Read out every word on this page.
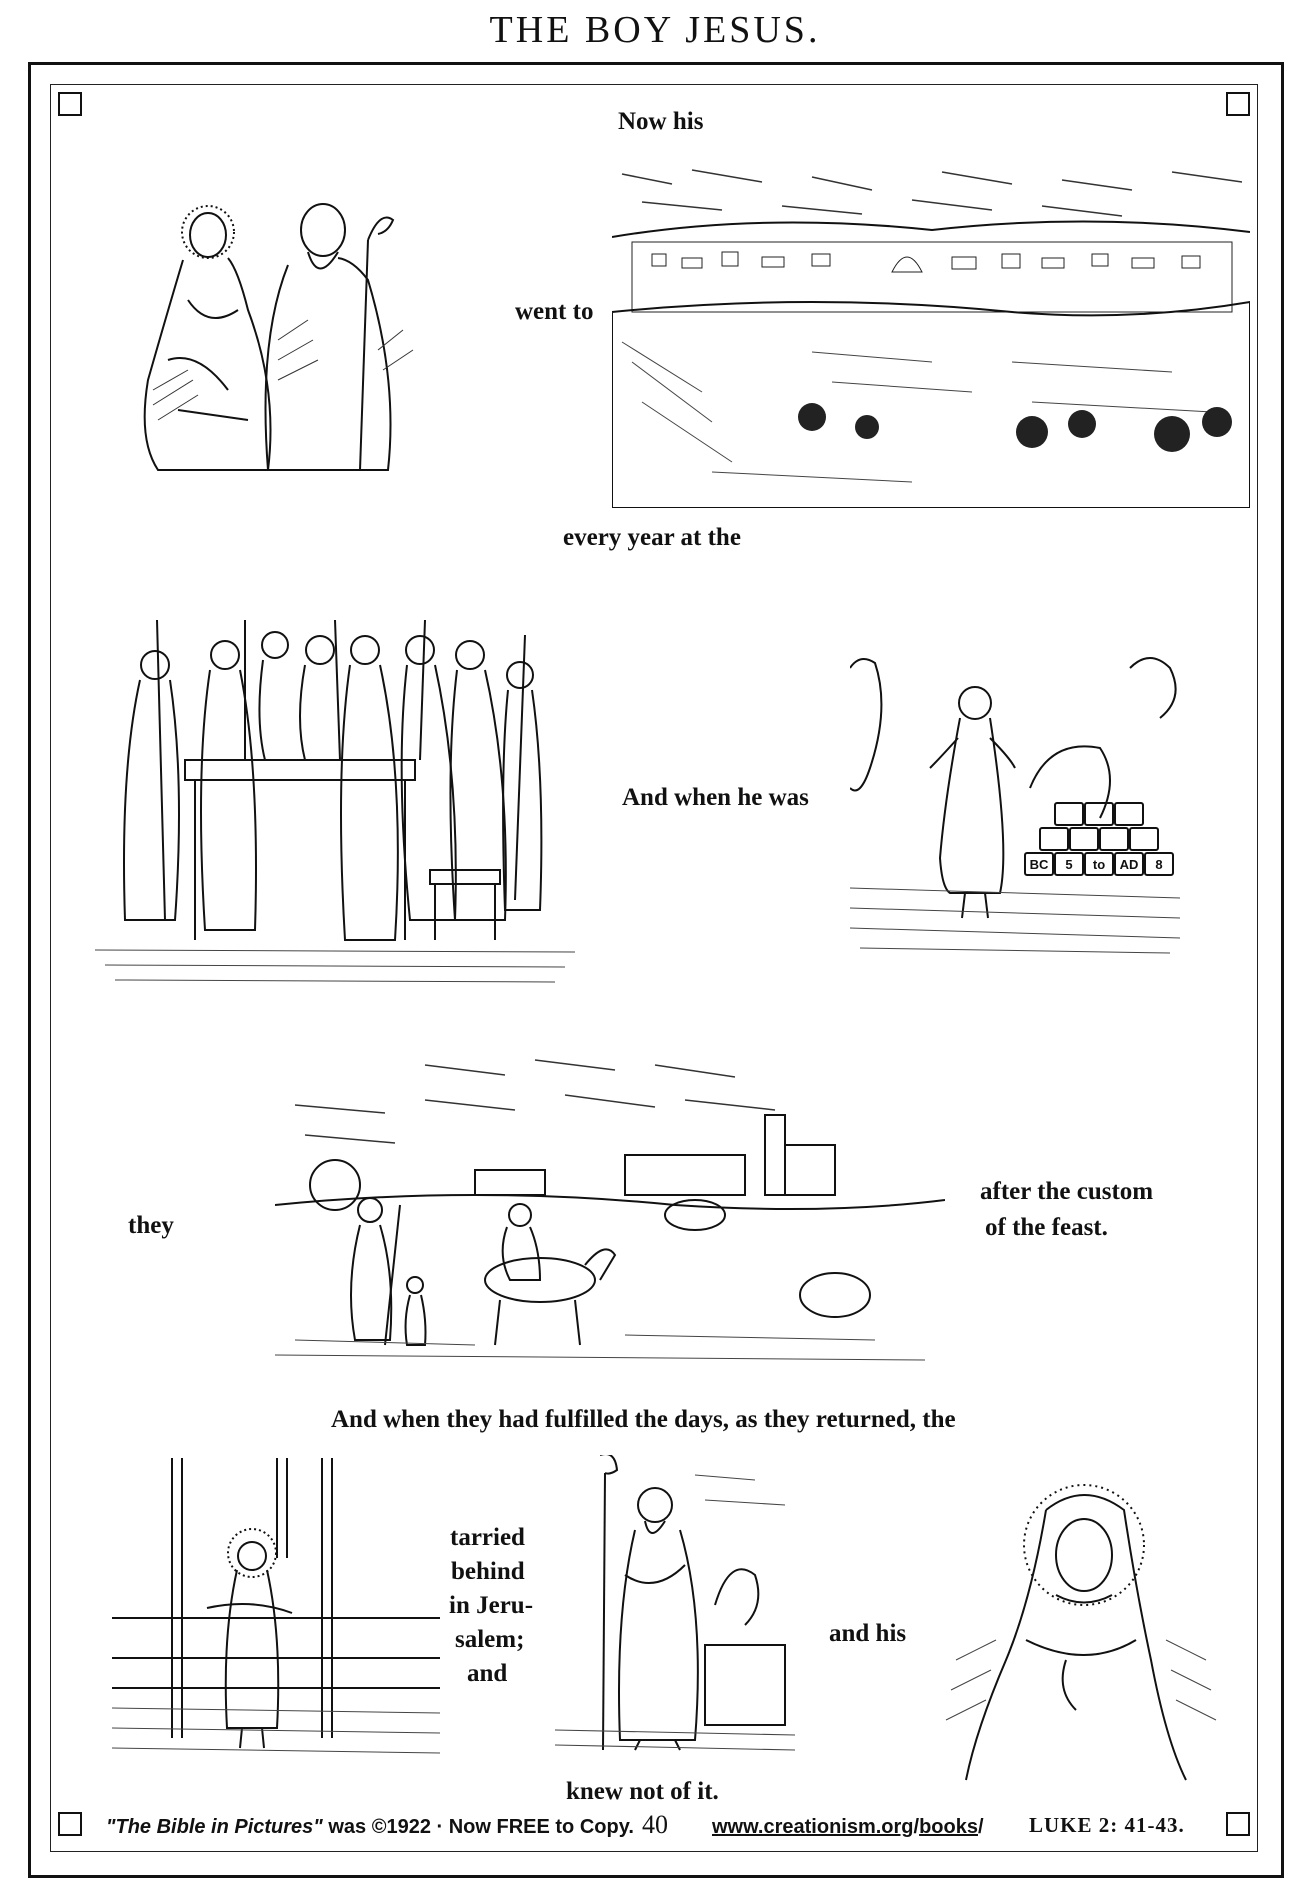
THE BOY JESUS.
Now his
went to
every year at the
And when he was
BC 5 to AD 8
they
after the custom
of the feast.
And when they had fulfilled the days, as they returned, the
tarried
behind
in Jeru-
salem;
and
and his
knew not of it.
"The Bible in Pictures" was ©1922 · Now FREE to Copy. 40 www.creationism.org/books/ LUKE 2: 41-43.
